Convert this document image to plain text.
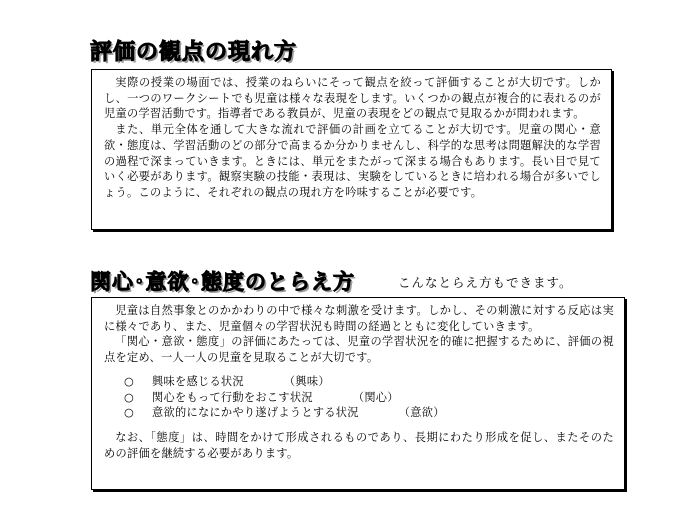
評価の観点の現れ方

実際の授業の場面では、授業のねらいにそって観点を絞って評価することが大切です。しかし、一つのワークシートでも児童は様々な表現をします。いくつかの観点が複合的に表れるのが児童の学習活動です。指導者である教員が、児童の表現をどの観点で見取るかが問われます。

また、単元全体を通して大きな流れで評価の計画を立てることが大切です。児童の関心・意欲・態度は、学習活動のどの部分で高まるか分かりませんし、科学的な思考は問題解決的な学習の過程で深まっていきます。ときには、単元をまたがって深まる場合もあります。長い目で見ていく必要があります。観察実験の技能・表現は、実験をしているときに培われる場合が多いでしょう。このように、それぞれの観点の現れ方を吟味することが必要です。

関心･意欲･態度のとらえ方	こんなとらえ方もできます。

児童は自然事象とのかかわりの中で様々な刺激を受けます。しかし、その刺激に対する反応は実に様々であり、また、児童個々の学習状況も時間の経過とともに変化していきます。

「関心・意欲・態度」の評価にあたっては、児童の学習状況を的確に把握するために、評価の視点を定め、一人一人の児童を見取ることが大切です。

○ 興味を感じる状況	（興味）
○ 関心をもって行動をおこす状況	（関心）
○ 意欲的になにかやり遂げようとする状況	（意欲）

なお、「態度」は、時間をかけて形成されるものであり、長期にわたり形成を促し、またそのための評価を継続する必要があります。
